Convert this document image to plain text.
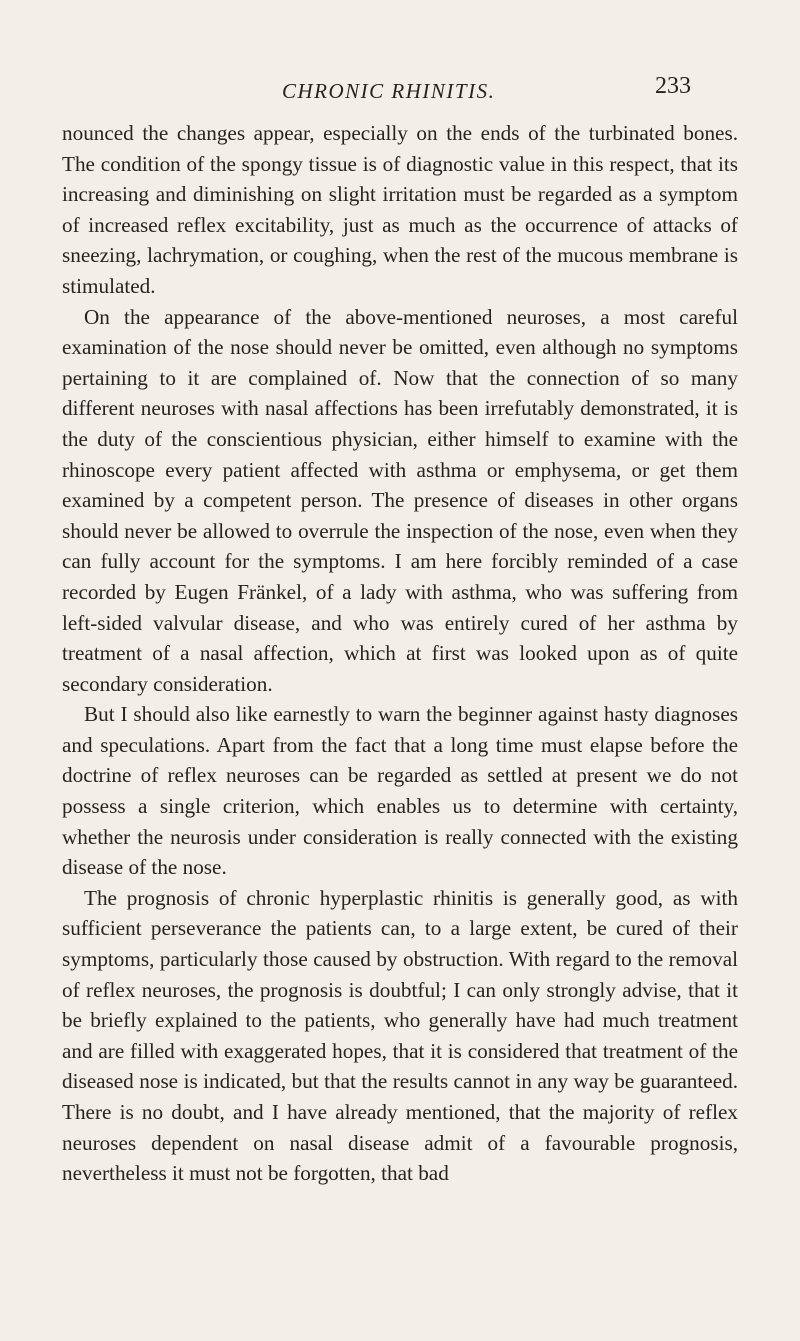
CHRONIC RHINITIS.	233

nounced the changes appear, especially on the ends of the turbinated bones. The condition of the spongy tissue is of diagnostic value in this respect, that its increasing and diminishing on slight irritation must be regarded as a symptom of increased reflex excitability, just as much as the occurrence of attacks of sneezing, lachrymation, or coughing, when the rest of the mucous membrane is stimulated.

On the appearance of the above-mentioned neuroses, a most careful examination of the nose should never be omitted, even although no symptoms pertaining to it are complained of. Now that the connection of so many different neuroses with nasal affections has been irrefutably demonstrated, it is the duty of the conscientious physician, either himself to examine with the rhinoscope every patient affected with asthma or emphysema, or get them examined by a competent person. The presence of diseases in other organs should never be allowed to overrule the inspection of the nose, even when they can fully account for the symptoms. I am here forcibly reminded of a case recorded by Eugen Fränkel, of a lady with asthma, who was suffering from left-sided valvular disease, and who was entirely cured of her asthma by treatment of a nasal affection, which at first was looked upon as of quite secondary consideration.

But I should also like earnestly to warn the beginner against hasty diagnoses and speculations. Apart from the fact that a long time must elapse before the doctrine of reflex neuroses can be regarded as settled at present we do not possess a single criterion, which enables us to determine with certainty, whether the neurosis under consideration is really connected with the existing disease of the nose.

The prognosis of chronic hyperplastic rhinitis is generally good, as with sufficient perseverance the patients can, to a large extent, be cured of their symptoms, particularly those caused by obstruction. With regard to the removal of reflex neuroses, the prognosis is doubtful; I can only strongly advise, that it be briefly explained to the patients, who generally have had much treatment and are filled with exaggerated hopes, that it is considered that treatment of the diseased nose is indicated, but that the results cannot in any way be guaranteed. There is no doubt, and I have already mentioned, that the majority of reflex neuroses dependent on nasal disease admit of a favourable prognosis, nevertheless it must not be forgotten, that bad
